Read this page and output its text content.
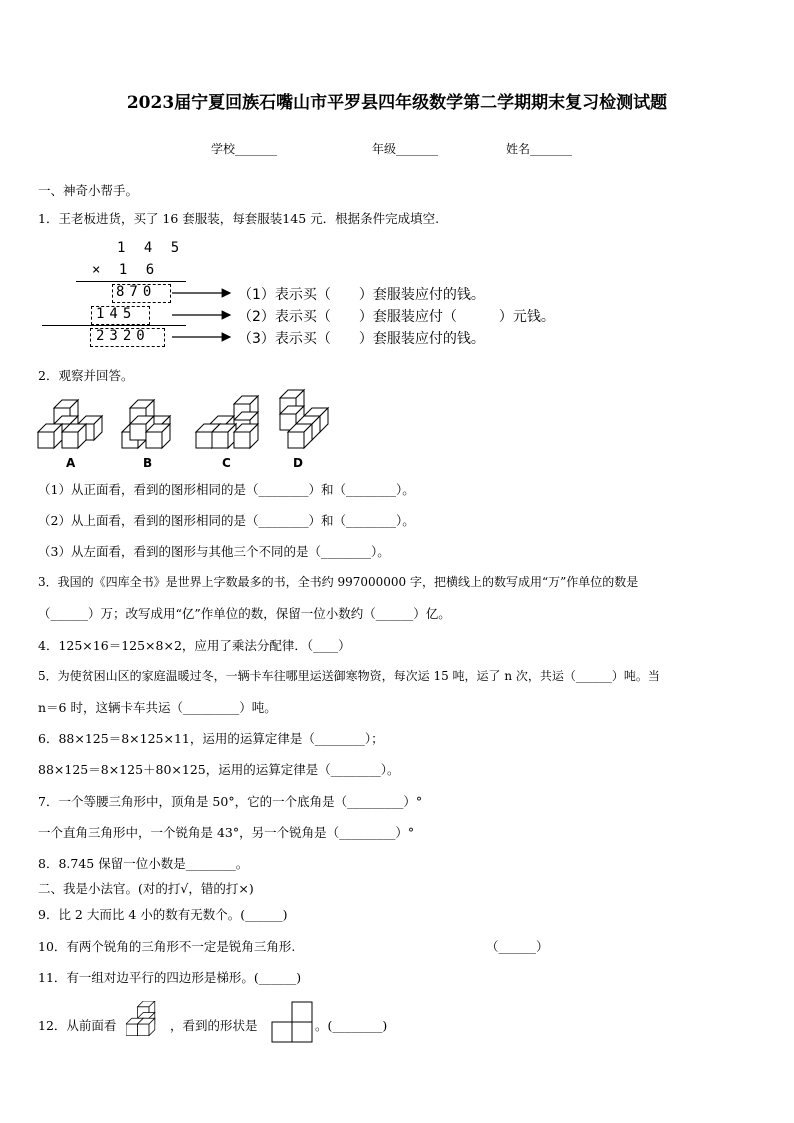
2023届宁夏回族石嘴山市平罗县四年级数学第二学期期末复习检测试题
学校_______	年级_______	姓名_______
一、神奇小帮手。
1．王老板进货，买了 16 套服装，每套服装145 元．根据条件完成填空.
1 4 5
× 1 6
870
145
2320
（1）表示买（　　）套服装应付的钱。
（2）表示买（　　）套服装应付（　　　）元钱。
（3）表示买（　　）套服装应付的钱。
2．观察并回答。
A	B	C	D
（1）从正面看，看到的图形相同的是（________）和（________）。
（2）从上面看，看到的图形相同的是（________）和（________）。
（3）从左面看，看到的图形与其他三个不同的是（________）。
3．我国的《四库全书》是世界上字数最多的书，全书约 997000000 字，把横线上的数写成用“万”作单位的数是
（______）万；改写成用“亿”作单位的数，保留一位小数约（______）亿。
4．125×16＝125×8×2，应用了乘法分配律．（____）
5．为使贫困山区的家庭温暖过冬，一辆卡车往哪里运送御寒物资，每次运 15 吨，运了 n 次，共运（______）吨。当
n＝6 时，这辆卡车共运（_________）吨。
6．88×125＝8×125×11，运用的运算定律是（________）；
88×125＝8×125＋80×125，运用的运算定律是（________）。
7．一个等腰三角形中，顶角是 50°，它的一个底角是（_________）°
一个直角三角形中，一个锐角是 43°，另一个锐角是（_________）°
8．8.745 保留一位小数是________。
二、我是小法官。(对的打√，错的打×)
9．比 2 大而比 4 小的数有无数个。(______)
10．有两个锐角的三角形不一定是锐角三角形.	（______）
11．有一组对边平行的四边形是梯形。(______)
12．从前面看	，看到的形状是	。(________)
